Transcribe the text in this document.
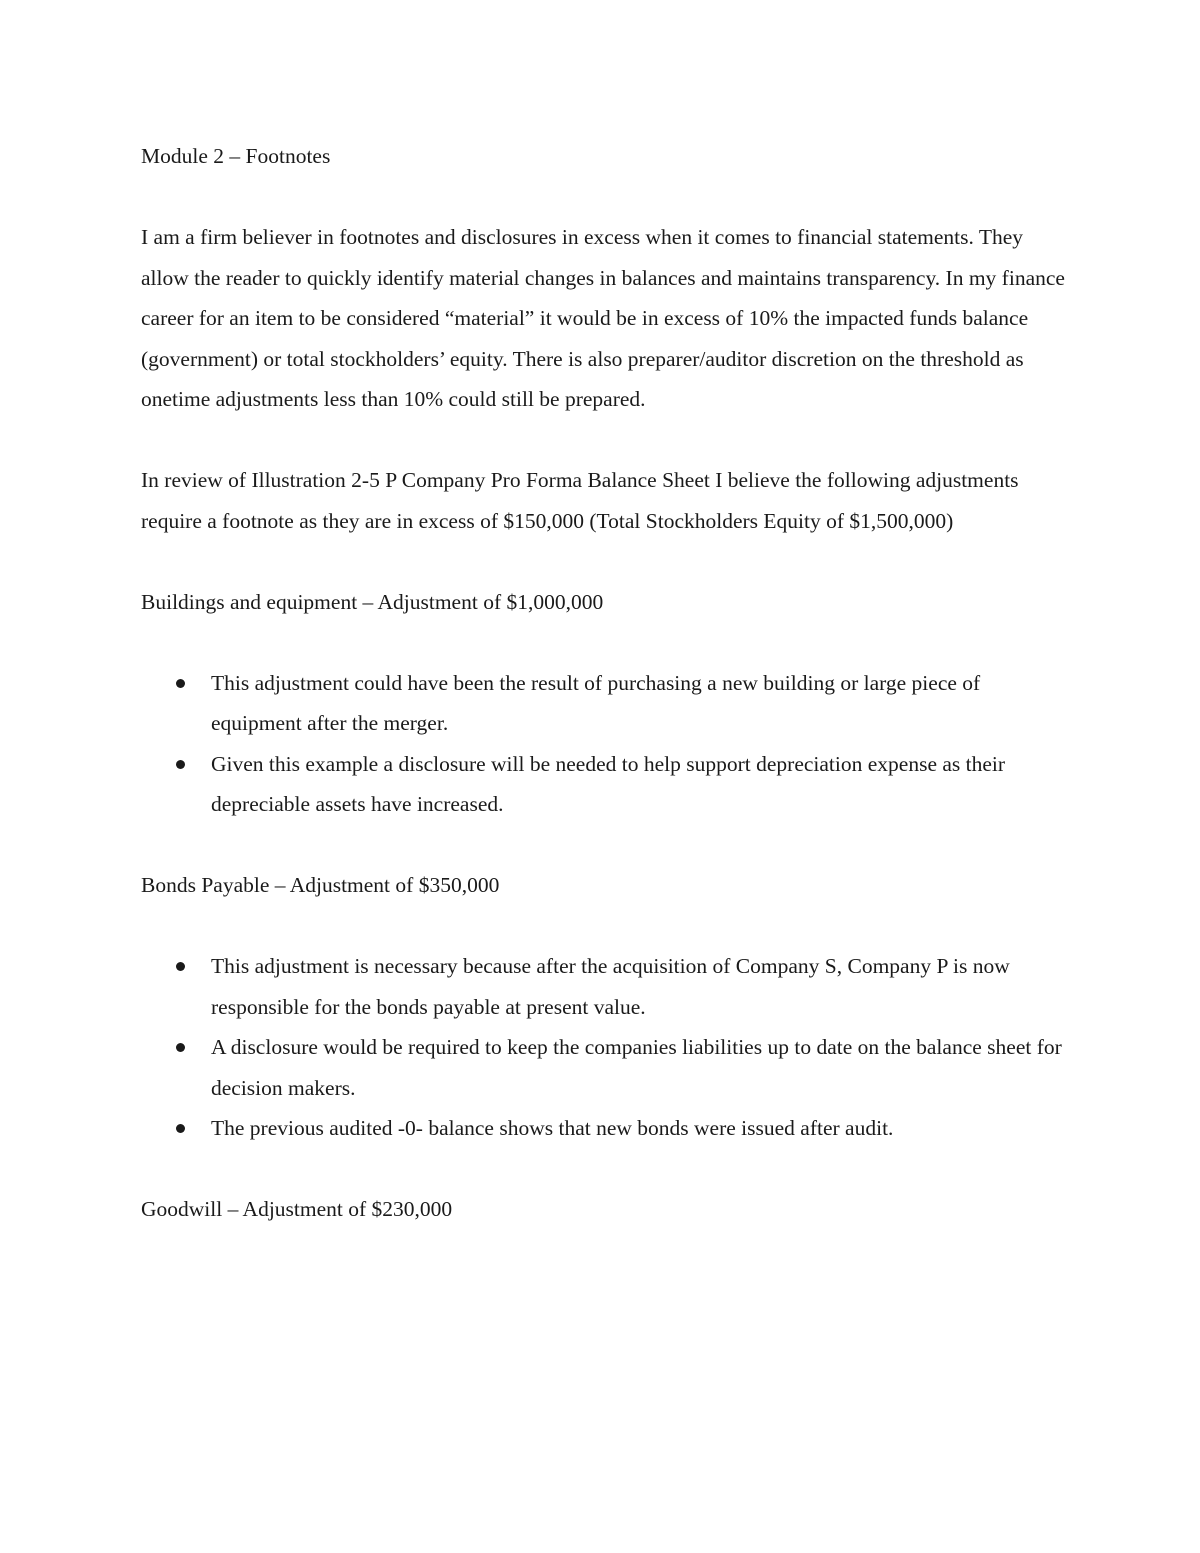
Module 2 – Footnotes

I am a firm believer in footnotes and disclosures in excess when it comes to financial statements. They allow the reader to quickly identify material changes in balances and maintains transparency. In my finance career for an item to be considered “material” it would be in excess of 10% the impacted funds balance (government) or total stockholders’ equity. There is also preparer/auditor discretion on the threshold as onetime adjustments less than 10% could still be prepared.

In review of Illustration 2-5 P Company Pro Forma Balance Sheet I believe the following adjustments require a footnote as they are in excess of $150,000 (Total Stockholders Equity of $1,500,000)

Buildings and equipment – Adjustment of $1,000,000

This adjustment could have been the result of purchasing a new building or large piece of equipment after the merger.
Given this example a disclosure will be needed to help support depreciation expense as their depreciable assets have increased.

Bonds Payable – Adjustment of $350,000

This adjustment is necessary because after the acquisition of Company S, Company P is now responsible for the bonds payable at present value.
A disclosure would be required to keep the companies liabilities up to date on the balance sheet for decision makers.
The previous audited -0- balance shows that new bonds were issued after audit.

Goodwill – Adjustment of $230,000
